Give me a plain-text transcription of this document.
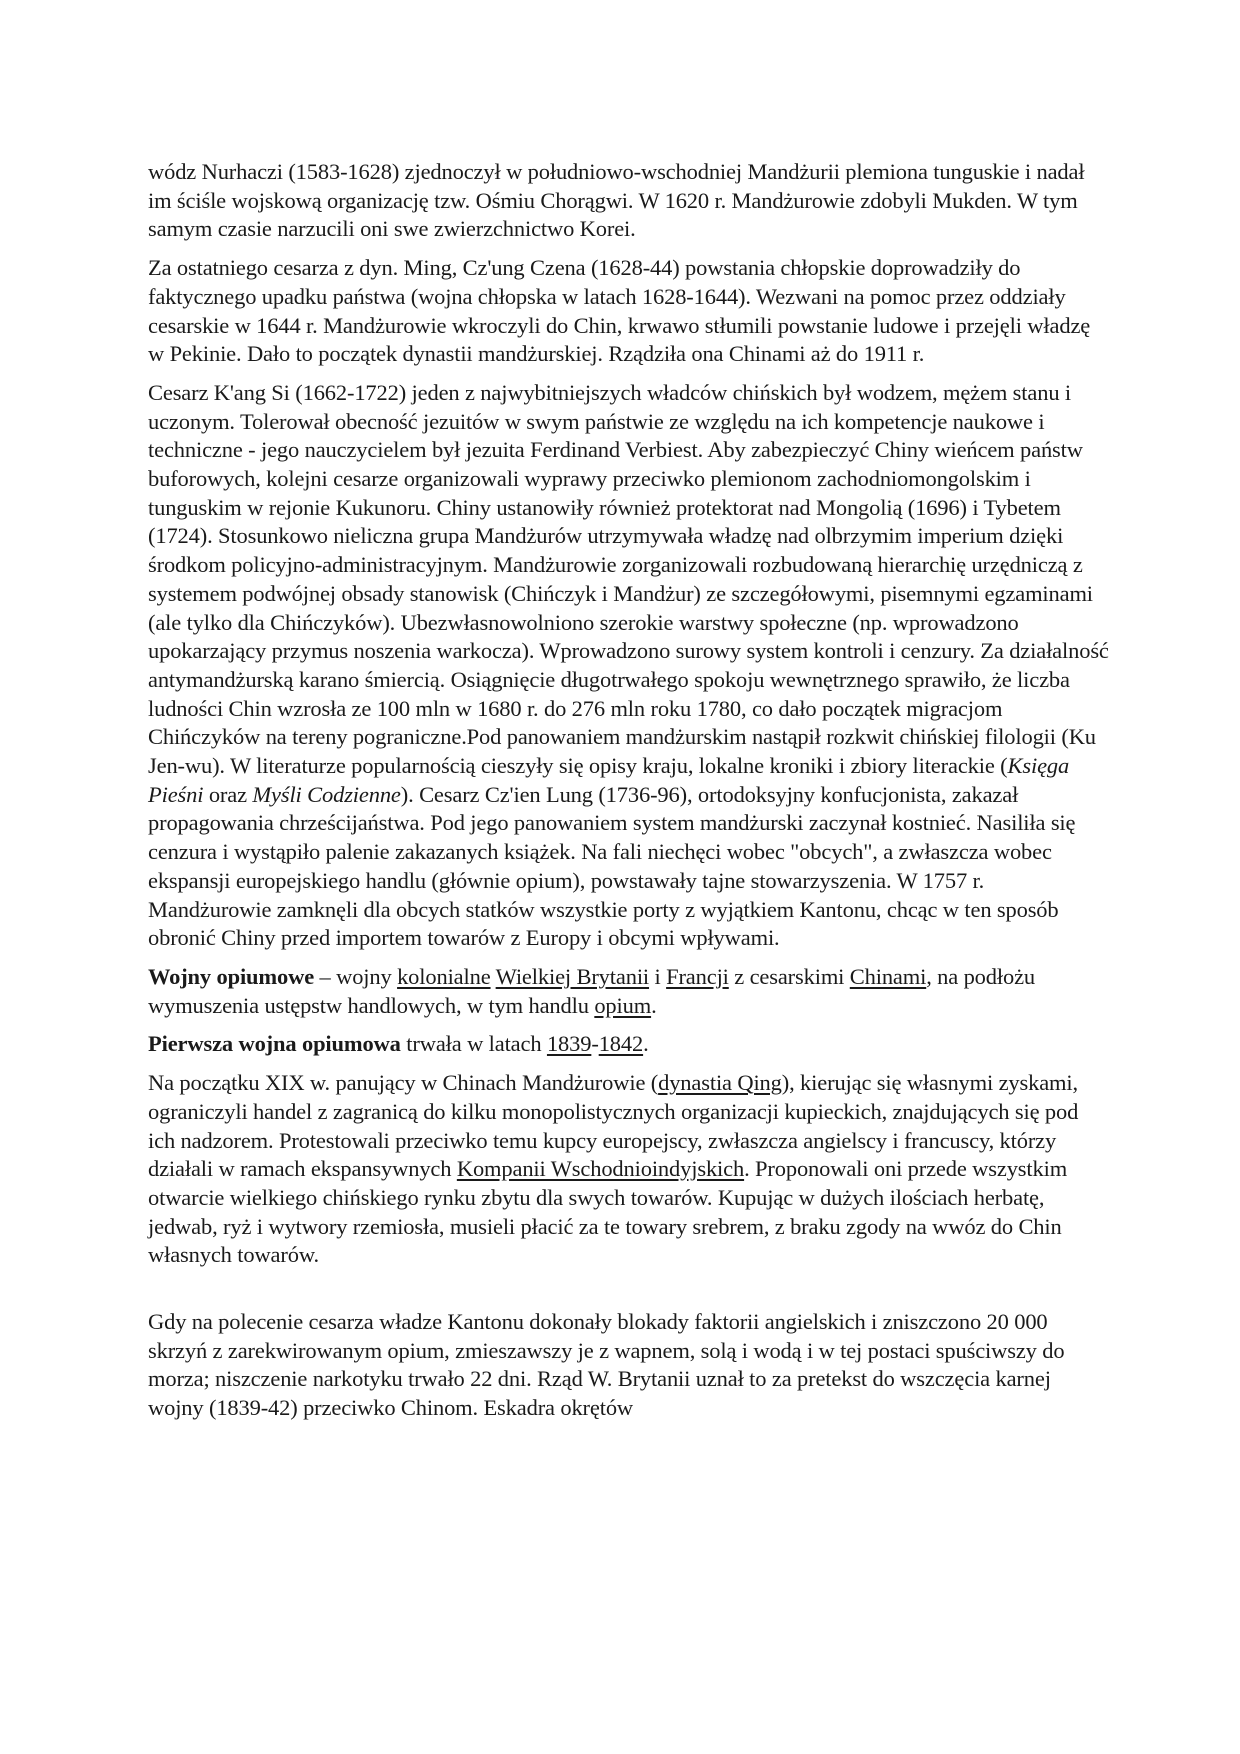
wódz Nurhaczi (1583-1628) zjednoczył w południowo-wschodniej Mandżurii plemiona tunguskie i nadał im ściśle wojskową organizację tzw. Ośmiu Chorągwi. W 1620 r. Mandżurowie zdobyli Mukden. W tym samym czasie narzucili oni swe zwierzchnictwo Korei.

Za ostatniego cesarza z dyn. Ming, Cz'ung Czena (1628-44) powstania chłopskie doprowadziły do faktycznego upadku państwa (wojna chłopska w latach 1628-1644). Wezwani na pomoc przez oddziały cesarskie w 1644 r. Mandżurowie wkroczyli do Chin, krwawo stłumili powstanie ludowe i przejęli władzę w Pekinie. Dało to początek dynastii mandżurskiej. Rządziła ona Chinami aż do 1911 r.

Cesarz K'ang Si (1662-1722) jeden z najwybitniejszych władców chińskich był wodzem, mężem stanu i uczonym. Tolerował obecność jezuitów w swym państwie ze względu na ich kompetencje naukowe i techniczne - jego nauczycielem był jezuita Ferdinand Verbiest. Aby zabezpieczyć Chiny wieńcem państw buforowych, kolejni cesarze organizowali wyprawy przeciwko plemionom zachodniomongolskim i tunguskim w rejonie Kukunoru. Chiny ustanowiły również protektorat nad Mongolią (1696) i Tybetem (1724). Stosunkowo nieliczna grupa Mandżurów utrzymywała władzę nad olbrzymim imperium dzięki środkom policyjno-administracyjnym. Mandżurowie zorganizowali rozbudowaną hierarchię urzędniczą z systemem podwójnej obsady stanowisk (Chińczyk i Mandżur) ze szczegółowymi, pisemnymi egzaminami (ale tylko dla Chińczyków). Ubezwłasnowolniono szerokie warstwy społeczne (np. wprowadzono upokarzający przymus noszenia warkocza). Wprowadzono surowy system kontroli i cenzury. Za działalność antymandżurską karano śmiercią. Osiągnięcie długotrwałego spokoju wewnętrznego sprawiło, że liczba ludności Chin wzrosła ze 100 mln w 1680 r. do 276 mln roku 1780, co dało początek migracjom Chińczyków na tereny pograniczne.Pod panowaniem mandżurskim nastąpił rozkwit chińskiej filologii (Ku Jen-wu). W literaturze popularnością cieszyły się opisy kraju, lokalne kroniki i zbiory literackie (Księga Pieśni oraz Myśli Codzienne). Cesarz Cz'ien Lung (1736-96), ortodoksyjny konfucjonista, zakazał propagowania chrześcijaństwa. Pod jego panowaniem system mandżurski zaczynał kostnieć. Nasiliła się cenzura i wystąpiło palenie zakazanych książek. Na fali niechęci wobec "obcych", a zwłaszcza wobec ekspansji europejskiego handlu (głównie opium), powstawały tajne stowarzyszenia. W 1757 r. Mandżurowie zamknęli dla obcych statków wszystkie porty z wyjątkiem Kantonu, chcąc w ten sposób obronić Chiny przed importem towarów z Europy i obcymi wpływami.

Wojny opiumowe – wojny kolonialne Wielkiej Brytanii i Francji z cesarskimi Chinami, na podłożu wymuszenia ustępstw handlowych, w tym handlu opium.

Pierwsza wojna opiumowa trwała w latach 1839-1842.

Na początku XIX w. panujący w Chinach Mandżurowie (dynastia Qing), kierując się własnymi zyskami, ograniczyli handel z zagranicą do kilku monopolistycznych organizacji kupieckich, znajdujących się pod ich nadzorem. Protestowali przeciwko temu kupcy europejscy, zwłaszcza angielscy i francuscy, którzy działali w ramach ekspansywnych Kompanii Wschodnioindyjskich. Proponowali oni przede wszystkim otwarcie wielkiego chińskiego rynku zbytu dla swych towarów. Kupując w dużych ilościach herbatę, jedwab, ryż i wytwory rzemiosła, musieli płacić za te towary srebrem, z braku zgody na wwóz do Chin własnych towarów.

Gdy na polecenie cesarza władze Kantonu dokonały blokady faktorii angielskich i zniszczono 20 000 skrzyń z zarekwirowanym opium, zmieszawszy je z wapnem, solą i wodą i w tej postaci spuściwszy do morza; niszczenie narkotyku trwało 22 dni. Rząd W. Brytanii uznał to za pretekst do wszczęcia karnej wojny (1839-42) przeciwko Chinom. Eskadra okrętów
